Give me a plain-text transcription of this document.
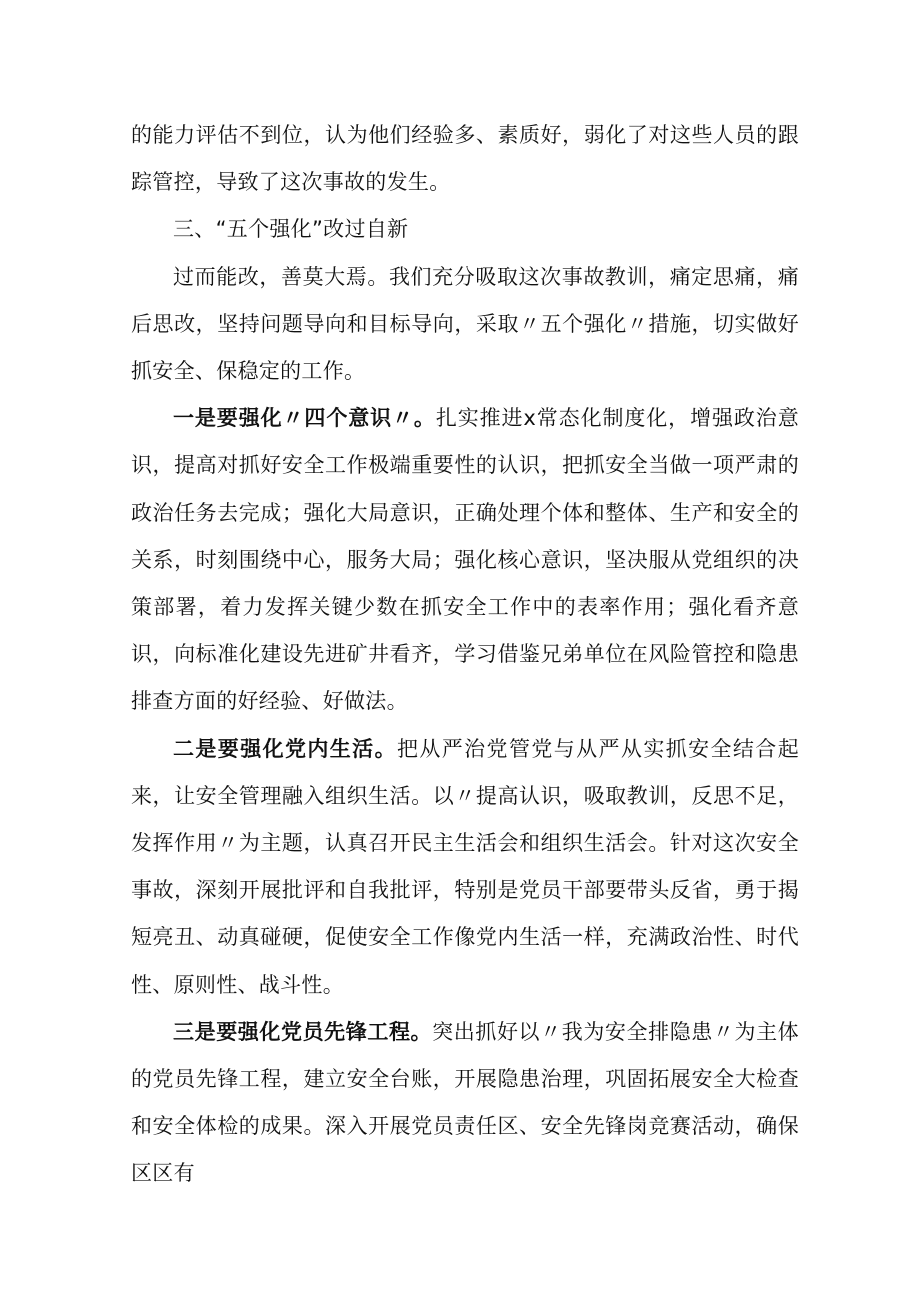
的能力评估不到位，认为他们经验多、素质好，弱化了对这些人员的跟踪管控，导致了这次事故的发生。

三、“五个强化”改过自新

过而能改，善莫大焉。我们充分吸取这次事故教训，痛定思痛，痛后思改，坚持问题导向和目标导向，采取〃五个强化〃措施，切实做好抓安全、保稳定的工作。

一是要强化〃四个意识〃。扎实推进x常态化制度化，增强政治意识，提高对抓好安全工作极端重要性的认识，把抓安全当做一项严肃的政治任务去完成；强化大局意识，正确处理个体和整体、生产和安全的关系，时刻围绕中心，服务大局；强化核心意识，坚决服从党组织的决策部署，着力发挥关键少数在抓安全工作中的表率作用；强化看齐意识，向标准化建设先进矿井看齐，学习借鉴兄弟单位在风险管控和隐患排查方面的好经验、好做法。

二是要强化党内生活。把从严治党管党与从严从实抓安全结合起来，让安全管理融入组织生活。以〃提高认识，吸取教训，反思不足，发挥作用〃为主题，认真召开民主生活会和组织生活会。针对这次安全事故，深刻开展批评和自我批评，特别是党员干部要带头反省，勇于揭短亮丑、动真碰硬，促使安全工作像党内生活一样，充满政治性、时代性、原则性、战斗性。

三是要强化党员先锋工程。突出抓好以〃我为安全排隐患〃为主体的党员先锋工程，建立安全台账，开展隐患治理，巩固拓展安全大检查和安全体检的成果。深入开展党员责任区、安全先锋岗竞赛活动，确保区区有
